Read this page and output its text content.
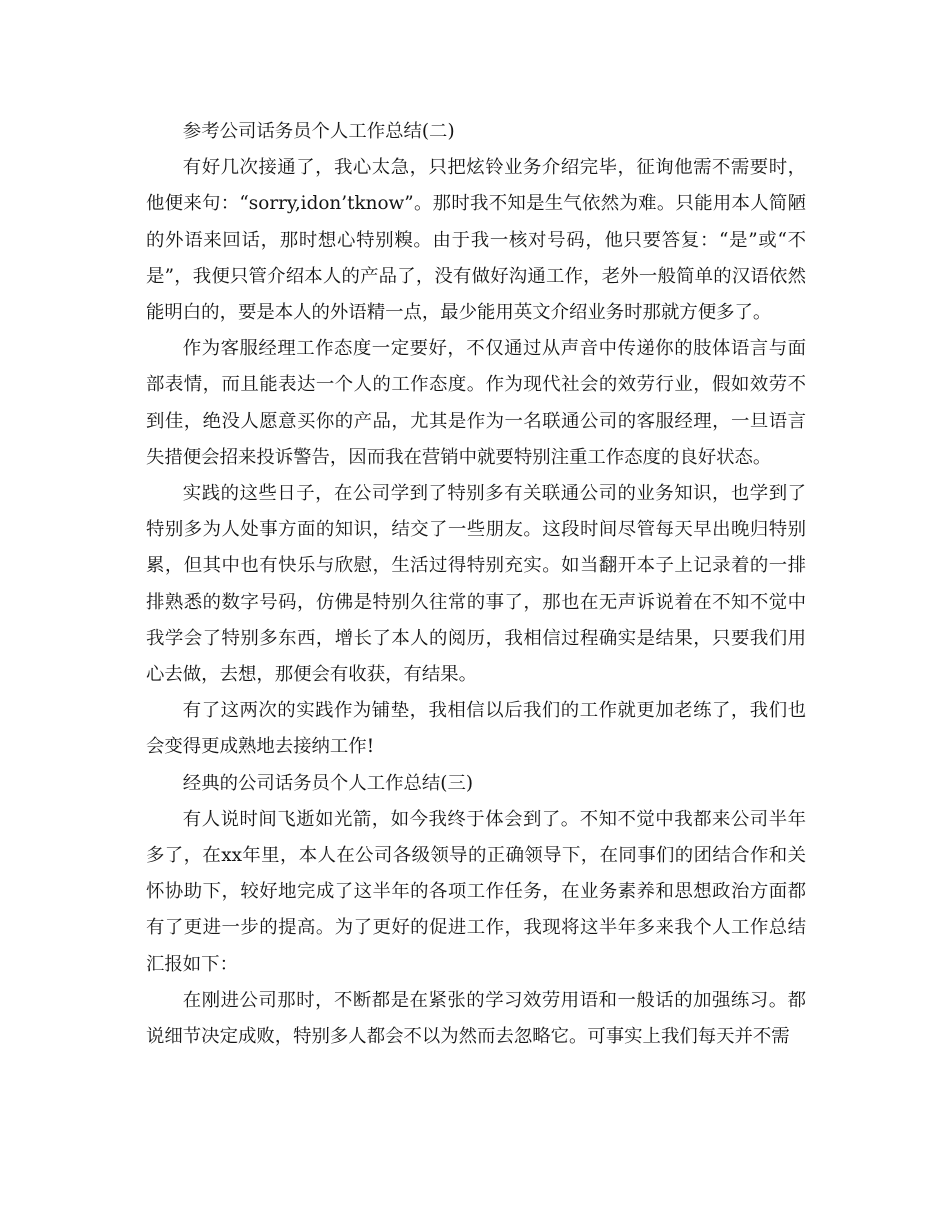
参考公司话务员个人工作总结(二)

有好几次接通了，我心太急，只把炫铃业务介绍完毕，征询他需不需要时，他便来句：“sorry,idon’tknow”。那时我不知是生气依然为难。只能用本人简陋的外语来回话，那时想心特别糗。由于我一核对号码，他只要答复：“是”或“不是”，我便只管介绍本人的产品了，没有做好沟通工作，老外一般简单的汉语依然能明白的，要是本人的外语精一点，最少能用英文介绍业务时那就方便多了。

作为客服经理工作态度一定要好，不仅通过从声音中传递你的肢体语言与面部表情，而且能表达一个人的工作态度。作为现代社会的效劳行业，假如效劳不到佳，绝没人愿意买你的产品，尤其是作为一名联通公司的客服经理，一旦语言失措便会招来投诉警告，因而我在营销中就要特别注重工作态度的良好状态。

实践的这些日子，在公司学到了特别多有关联通公司的业务知识，也学到了特别多为人处事方面的知识，结交了一些朋友。这段时间尽管每天早出晚归特别累，但其中也有快乐与欣慰，生活过得特别充实。如当翻开本子上记录着的一排排熟悉的数字号码，仿佛是特别久往常的事了，那也在无声诉说着在不知不觉中我学会了特别多东西，增长了本人的阅历，我相信过程确实是结果，只要我们用心去做，去想，那便会有收获，有结果。

有了这两次的实践作为铺垫，我相信以后我们的工作就更加老练了，我们也会变得更成熟地去接纳工作!

经典的公司话务员个人工作总结(三)

有人说时间飞逝如光箭，如今我终于体会到了。不知不觉中我都来公司半年多了，在xx年里，本人在公司各级领导的正确领导下，在同事们的团结合作和关怀协助下，较好地完成了这半年的各项工作任务，在业务素养和思想政治方面都有了更进一步的提高。为了更好的促进工作，我现将这半年多来我个人工作总结汇报如下：

在刚进公司那时，不断都是在紧张的学习效劳用语和一般话的加强练习。都说细节决定成败，特别多人都会不以为然而去忽略它。可事实上我们每天并不需
